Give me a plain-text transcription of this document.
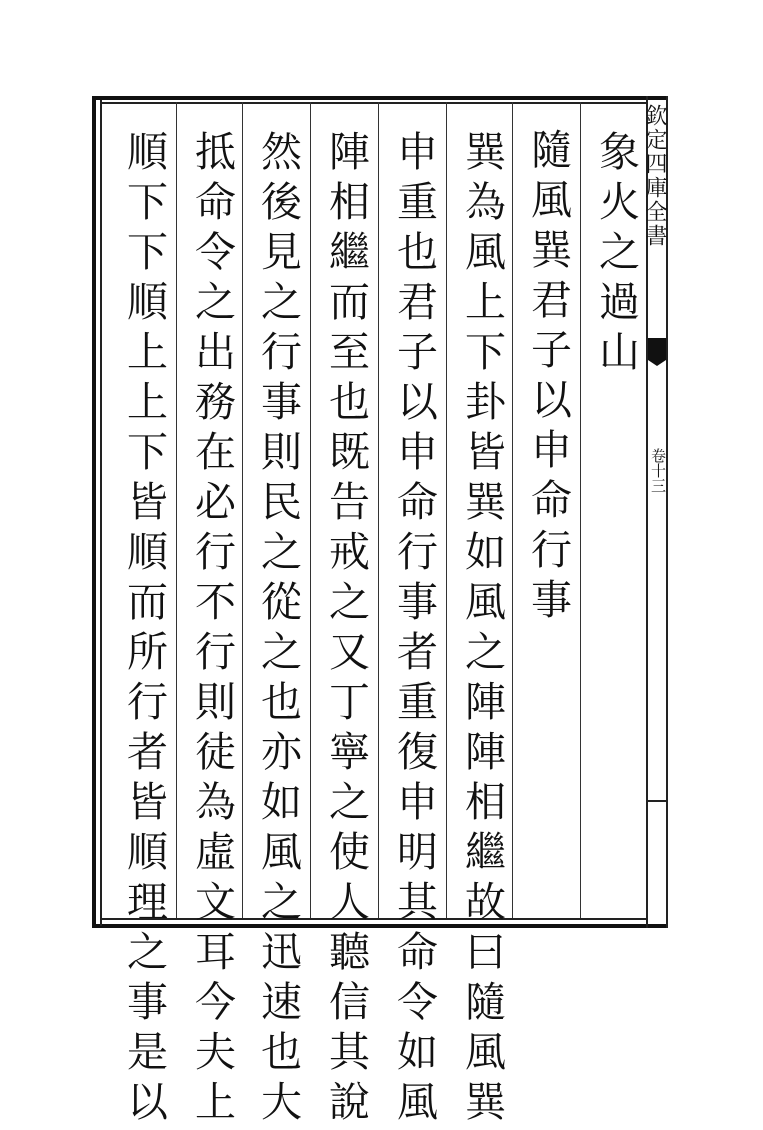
欽定四庫全書
卷十三
象火之過山
隨風巽君子以申命行事
巽為風上下卦皆巽如風之陣陣相繼故曰隨風巽
申重也君子以申命行事者重復申明其命令如風
陣相繼而至也既告戒之又丁寧之使人聽信其說
然後見之行事則民之從之也亦如風之迅速也大
抵命令之出務在必行不行則徒為虛文耳今夫上
順下下順上上下皆順而所行者皆順理之事是以
